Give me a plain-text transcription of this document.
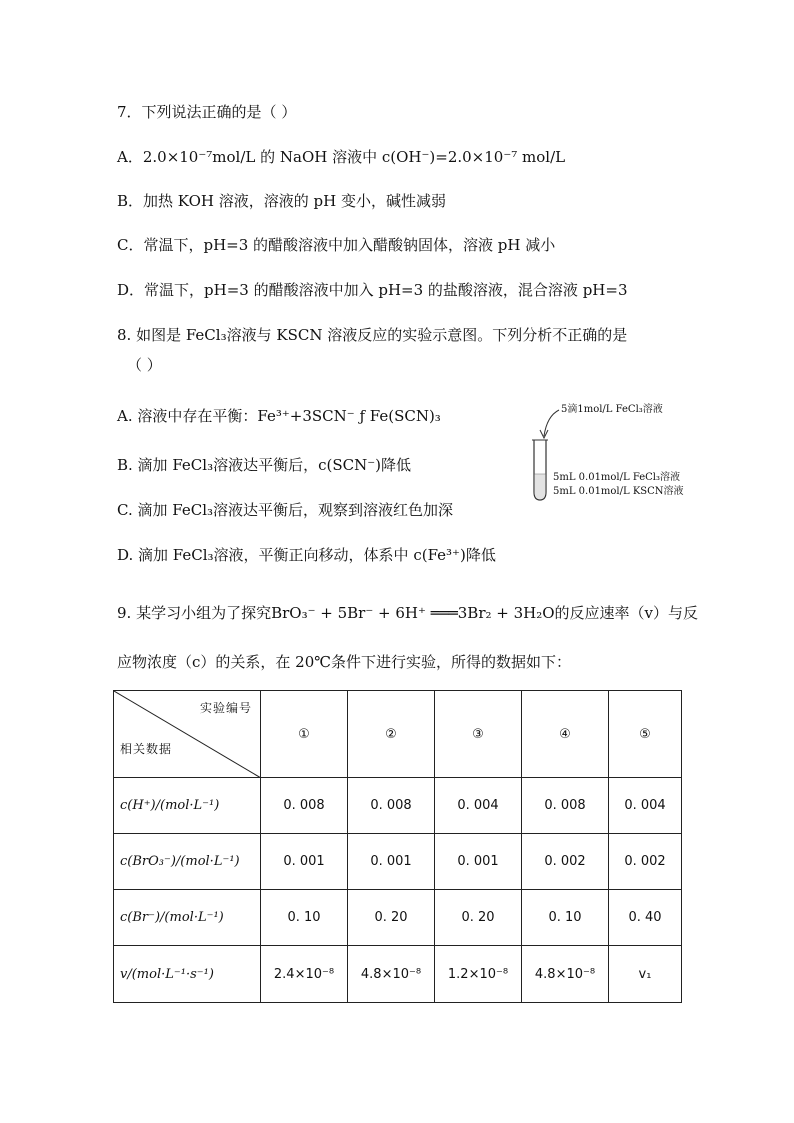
7．下列说法正确的是（ ）
A．2.0×10⁻⁷mol/L 的 NaOH 溶液中 c(OH⁻)=2.0×10⁻⁷ mol/L
B．加热 KOH 溶液，溶液的 pH 变小，碱性减弱
C．常温下，pH=3 的醋酸溶液中加入醋酸钠固体，溶液 pH 减小
D．常温下，pH=3 的醋酸溶液中加入 pH=3 的盐酸溶液，混合溶液 pH=3
8. 如图是 FeCl₃溶液与 KSCN 溶液反应的实验示意图。下列分析不正确的是
（ ）
A. 溶液中存在平衡：Fe³⁺+3SCN⁻ ƒ Fe(SCN)₃
B. 滴加 FeCl₃溶液达平衡后，c(SCN⁻)降低
C. 滴加 FeCl₃溶液达平衡后，观察到溶液红色加深
D. 滴加 FeCl₃溶液，平衡正向移动，体系中 c(Fe³⁺)降低
5滴1mol/L FeCl₃溶液
5mL 0.01mol/L FeCl₃溶液
5mL 0.01mol/L KSCN溶液
9. 某学习小组为了探究BrO₃⁻ + 5Br⁻ + 6H⁺ ═══3Br₂ + 3H₂O的反应速率（v）与反
应物浓度（c）的关系，在 20℃条件下进行实验，所得的数据如下：
实验编号
相关数据	①	②	③	④	⑤
c(H⁺)/(mol·L⁻¹)	0. 008	0. 008	0. 004	0. 008	0. 004
c(BrO₃⁻)/(mol·L⁻¹)	0. 001	0. 001	0. 001	0. 002	0. 002
c(Br⁻)/(mol·L⁻¹)	0. 10	0. 20	0. 20	0. 10	0. 40
v/(mol·L⁻¹·s⁻¹)	2.4×10⁻⁸	4.8×10⁻⁸	1.2×10⁻⁸	4.8×10⁻⁸	v₁
